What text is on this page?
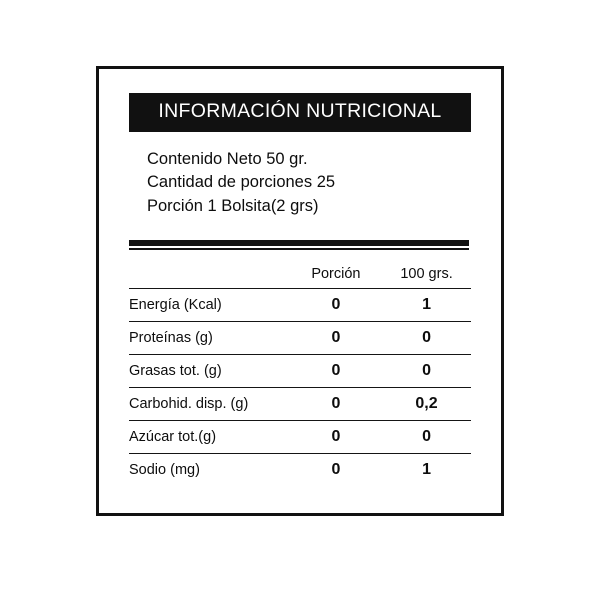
INFORMACIÓN NUTRICIONAL
Contenido Neto 50 gr.
Cantidad de porciones 25
Porción 1 Bolsita(2 grs)
	Porción	100 grs.
Energía (Kcal)	0	1
Proteínas (g)	0	0
Grasas tot. (g)	0	0
Carbohid. disp. (g)	0	0,2
Azúcar tot.(g)	0	0
Sodio (mg)	0	1
